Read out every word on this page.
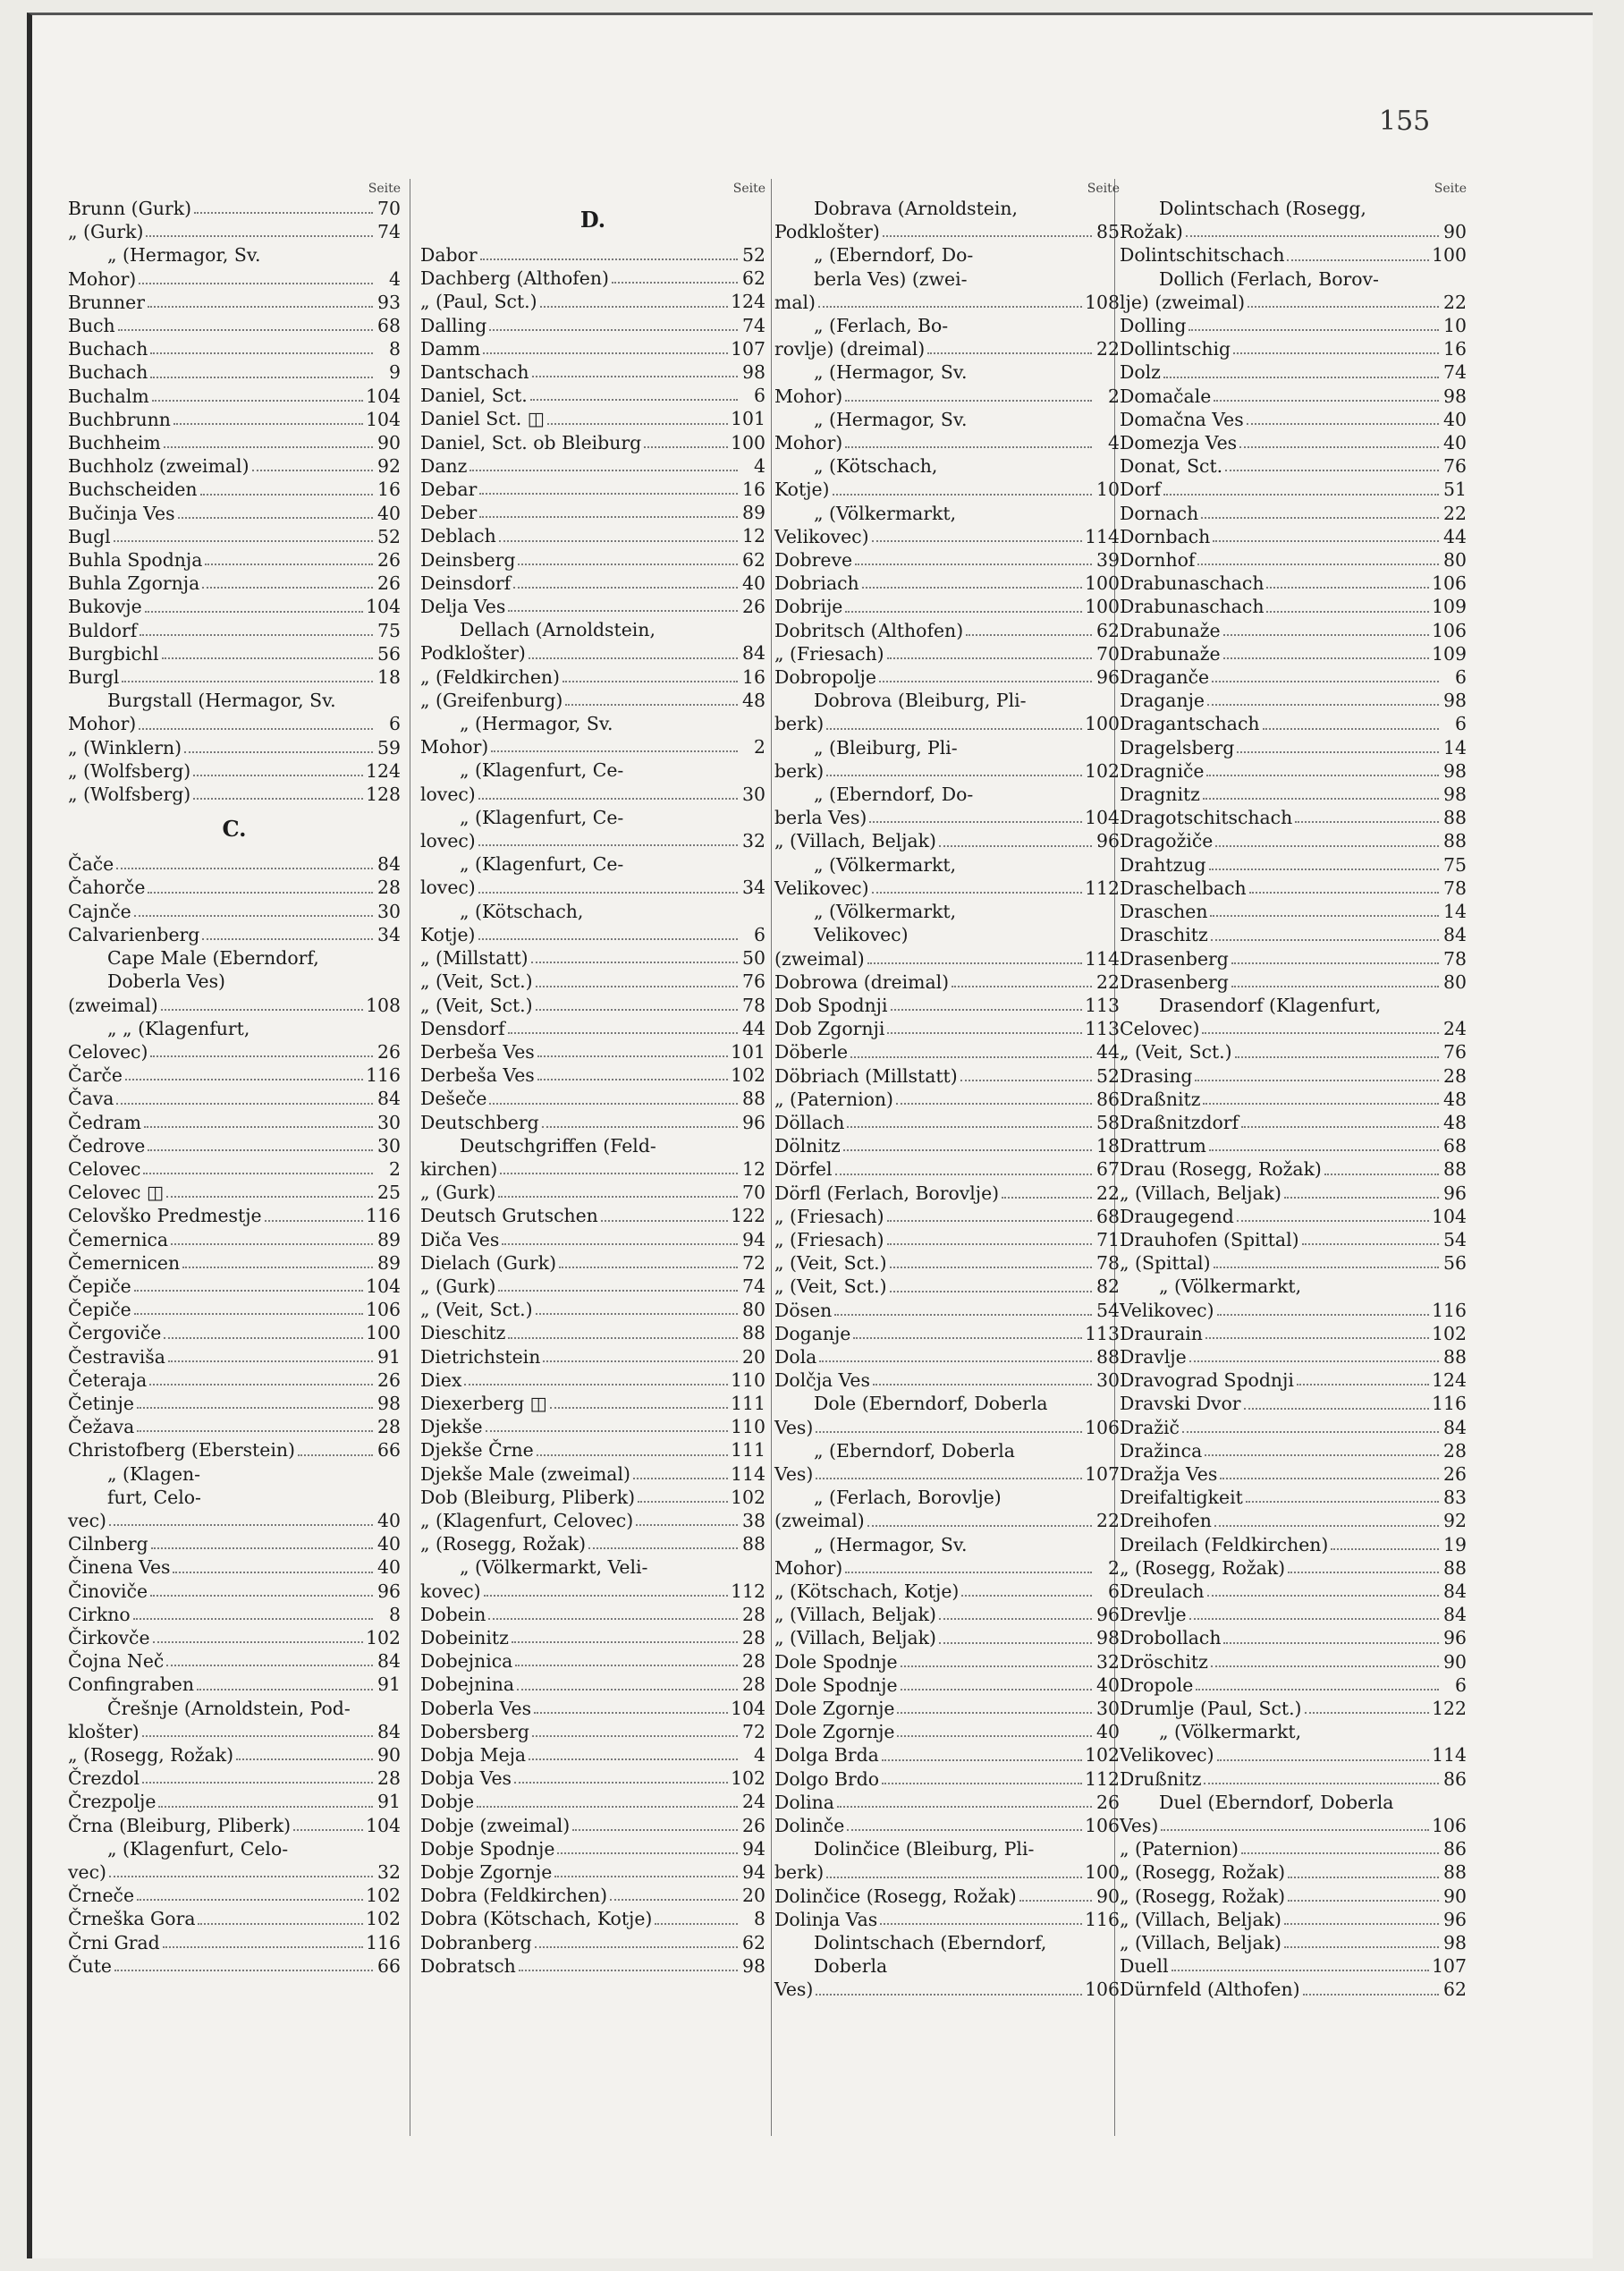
155
Seite
Brunn (Gurk)	70
„ (Gurk)	74
„ (Hermagor, Sv.
Mohor)	4
Brunner	93
Buch	68
Buchach	8
Buchach	9
Buchalm	104
Buchbrunn	104
Buchheim	90
Buchholz (zweimal)	92
Buchscheiden	16
Bučinja Ves	40
Bugl	52
Buhla Spodnja	26
Buhla Zgornja	26
Bukovje	104
Buldorf	75
Burgbichl	56
Burgl	18
Burgstall (Hermagor, Sv.
Mohor)	6
„ (Winklern)	59
„ (Wolfsberg)	124
„ (Wolfsberg)	128
C.
Čače	84
Čahorče	28
Cajnče	30
Calvarienberg	34
Cape Male (Eberndorf,
Doberla Ves)
(zweimal)	108
„ „ (Klagenfurt,
Celovec)	26
Čarče	116
Čava	84
Čedram	30
Čedrove	30
Celovec	2
Celovec ◫	25
Celovško Predmestje	116
Čemernica	89
Čemernicen	89
Čepiče	104
Čepiče	106
Čergoviče	100
Čestraviša	91
Četeraja	26
Četinje	98
Čežava	28
Christofberg (Eberstein)	66
„ (Klagen-
furt, Celo-
vec)	40
Cilnberg	40
Činena Ves	40
Činoviče	96
Cirkno	8
Čirkovče	102
Čojna Neč	84
Confingraben	91
Črešnje (Arnoldstein, Pod-
klošter)	84
„ (Rosegg, Rožak)	90
Črezdol	28
Črezpolje	91
Črna (Bleiburg, Pliberk)	104
„ (Klagenfurt, Celo-
vec)	32
Črneče	102
Črneška Gora	102
Črni Grad	116
Čute	66
Seite
D.
Dabor	52
Dachberg (Althofen)	62
„ (Paul, Sct.)	124
Dalling	74
Damm	107
Dantschach	98
Daniel, Sct.	6
Daniel Sct. ◫	101
Daniel, Sct. ob Bleiburg	100
Danz	4
Debar	16
Deber	89
Deblach	12
Deinsberg	62
Deinsdorf	40
Delja Ves	26
Dellach (Arnoldstein,
Podklošter)	84
„ (Feldkirchen)	16
„ (Greifenburg)	48
„ (Hermagor, Sv.
Mohor)	2
„ (Klagenfurt, Ce-
lovec)	30
„ (Klagenfurt, Ce-
lovec)	32
„ (Klagenfurt, Ce-
lovec)	34
„ (Kötschach,
Kotje)	6
„ (Millstatt)	50
„ (Veit, Sct.)	76
„ (Veit, Sct.)	78
Densdorf	44
Derbeša Ves	101
Derbeša Ves	102
Dešeče	88
Deutschberg	96
Deutschgriffen (Feld-
kirchen)	12
„ (Gurk)	70
Deutsch Grutschen	122
Diča Ves	94
Dielach (Gurk)	72
„ (Gurk)	74
„ (Veit, Sct.)	80
Dieschitz	88
Dietrichstein	20
Diex	110
Diexerberg ◫	111
Djekše	110
Djekše Črne	111
Djekše Male (zweimal)	114
Dob (Bleiburg, Pliberk)	102
„ (Klagenfurt, Celovec)	38
„ (Rosegg, Rožak)	88
„ (Völkermarkt, Veli-
kovec)	112
Dobein	28
Dobeinitz	28
Dobejnica	28
Dobejnina	28
Doberla Ves	104
Dobersberg	72
Dobja Meja	4
Dobja Ves	102
Dobje	24
Dobje (zweimal)	26
Dobje Spodnje	94
Dobje Zgornje	94
Dobra (Feldkirchen)	20
Dobra (Kötschach, Kotje)	8
Dobranberg	62
Dobratsch	98
Seite
Dobrava (Arnoldstein,
Podklošter)	85
„ (Eberndorf, Do-
berla Ves) (zwei-
mal)	108
„ (Ferlach, Bo-
rovlje) (dreimal)	22
„ (Hermagor, Sv.
Mohor)	2
„ (Hermagor, Sv.
Mohor)	4
„ (Kötschach,
Kotje)	10
„ (Völkermarkt,
Velikovec)	114
Dobreve	39
Dobriach	100
Dobrije	100
Dobritsch (Althofen)	62
„ (Friesach)	70
Dobropolje	96
Dobrova (Bleiburg, Pli-
berk)	100
„ (Bleiburg, Pli-
berk)	102
„ (Eberndorf, Do-
berla Ves)	104
„ (Villach, Beljak)	96
„ (Völkermarkt,
Velikovec)	112
„ (Völkermarkt,
Velikovec)
(zweimal)	114
Dobrowa (dreimal)	22
Dob Spodnji	113
Dob Zgornji	113
Döberle	44
Döbriach (Millstatt)	52
„ (Paternion)	86
Döllach	58
Dölnitz	18
Dörfel	67
Dörfl (Ferlach, Borovlje)	22
„ (Friesach)	68
„ (Friesach)	71
„ (Veit, Sct.)	78
„ (Veit, Sct.)	82
Dösen	54
Doganje	113
Dola	88
Dolčja Ves	30
Dole (Eberndorf, Doberla
Ves)	106
„ (Eberndorf, Doberla
Ves)	107
„ (Ferlach, Borovlje)
(zweimal)	22
„ (Hermagor, Sv.
Mohor)	2
„ (Kötschach, Kotje)	6
„ (Villach, Beljak)	96
„ (Villach, Beljak)	98
Dole Spodnje	32
Dole Spodnje	40
Dole Zgornje	30
Dole Zgornje	40
Dolga Brda	102
Dolgo Brdo	112
Dolina	26
Dolinče	106
Dolinčice (Bleiburg, Pli-
berk)	100
Dolinčice (Rosegg, Rožak)	90
Dolinja Vas	116
Dolintschach (Eberndorf,
Doberla
Ves)	106
Seite
Dolintschach (Rosegg,
Rožak)	90
Dolintschitschach	100
Dollich (Ferlach, Borov-
lje) (zweimal)	22
Dolling	10
Dollintschig	16
Dolz	74
Domačale	98
Domačna Ves	40
Domezja Ves	40
Donat, Sct.	76
Dorf	51
Dornach	22
Dornbach	44
Dornhof	80
Drabunaschach	106
Drabunaschach	109
Drabunaže	106
Drabunaže	109
Draganče	6
Draganje	98
Dragantschach	6
Dragelsberg	14
Dragniče	98
Dragnitz	98
Dragotschitschach	88
Dragožiče	88
Drahtzug	75
Draschelbach	78
Draschen	14
Draschitz	84
Drasenberg	78
Drasenberg	80
Drasendorf (Klagenfurt,
Celovec)	24
„ (Veit, Sct.)	76
Drasing	28
Draßnitz	48
Draßnitzdorf	48
Drattrum	68
Drau (Rosegg, Rožak)	88
„ (Villach, Beljak)	96
Draugegend	104
Drauhofen (Spittal)	54
„ (Spittal)	56
„ (Völkermarkt,
Velikovec)	116
Draurain	102
Dravlje	88
Dravograd Spodnji	124
Dravski Dvor	116
Dražič	84
Dražinca	28
Dražja Ves	26
Dreifaltigkeit	83
Dreihofen	92
Dreilach (Feldkirchen)	19
„ (Rosegg, Rožak)	88
Dreulach	84
Drevlje	84
Drobollach	96
Dröschitz	90
Dropole	6
Drumlje (Paul, Sct.)	122
„ (Völkermarkt,
Velikovec)	114
Drußnitz	86
Duel (Eberndorf, Doberla
Ves)	106
„ (Paternion)	86
„ (Rosegg, Rožak)	88
„ (Rosegg, Rožak)	90
„ (Villach, Beljak)	96
„ (Villach, Beljak)	98
Duell	107
Dürnfeld (Althofen)	62
